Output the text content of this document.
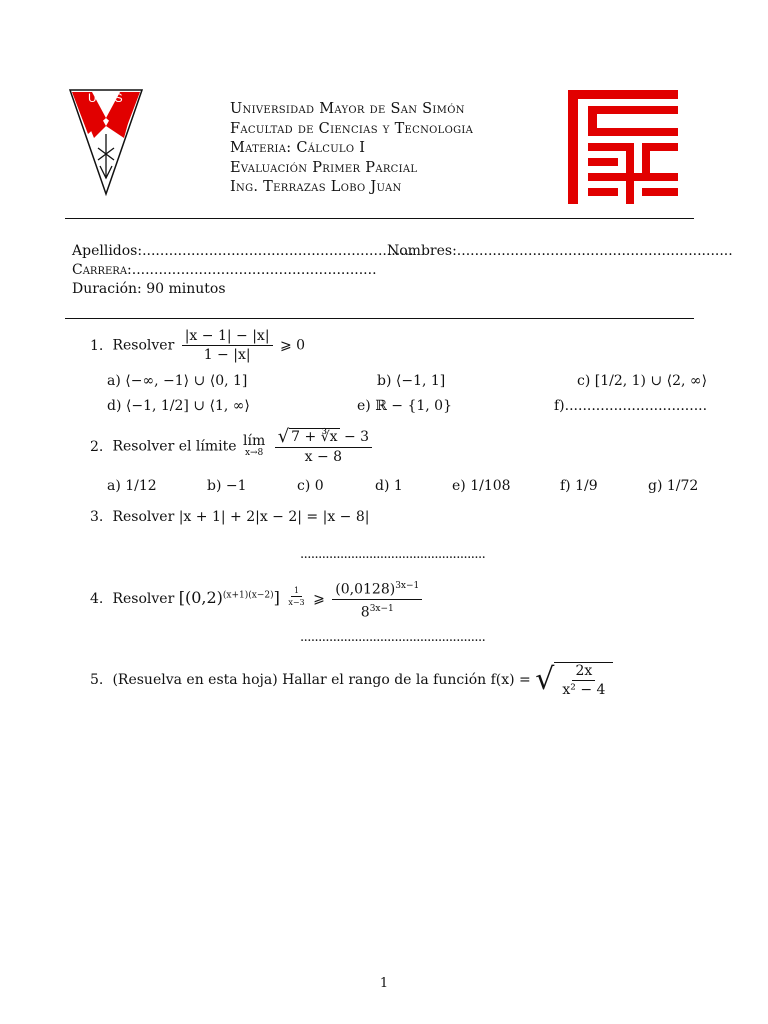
UMSS
Universidad Mayor de San Simón
Facultad de Ciencias y Tecnologia
Materia: Cálculo I
Evaluación Primer Parcial
Ing. Terrazas Lobo Juan
Apellidos:.............................................................
Nombres:..............................................................
Carrera:.......................................................
Duración: 90 minutos
1. Resolver $\frac{|x - 1| - |x|}{1 - |x|}$ ⩾ 0
a) ⟨−∞, −1⟩ ∪ ⟨0, 1]	b) ⟨−1, 1]	c) [1/2, 1) ∪ ⟨2, ∞⟩
d) ⟨−1, 1/2] ∪ ⟨1, ∞⟩	e) ℝ − {1, 0}	f)................................
2. Resolver el límite lím
x→8
$\frac{√ 7 + ∛x - 3}{x - 8}$
a) 1/12	b) −1	c) 0	d) 1	e) 1/108	f) 1/9	g) 1/72
3. Resolver |x + 1| + 2|x − 2| = |x − 8|
...................................................
4. Resolver $[(0,2)^{(x+1)(x-2)}] \frac{1}{x-3}$ ⩾ $\frac{(0,0128)^{3x-1}}{8^{3x-1}}$
...................................................
5. (Resuelva en esta hoja) Hallar el rango de la función f(x) = √ $\frac{2x}{\text{x² − 4}}$
1
